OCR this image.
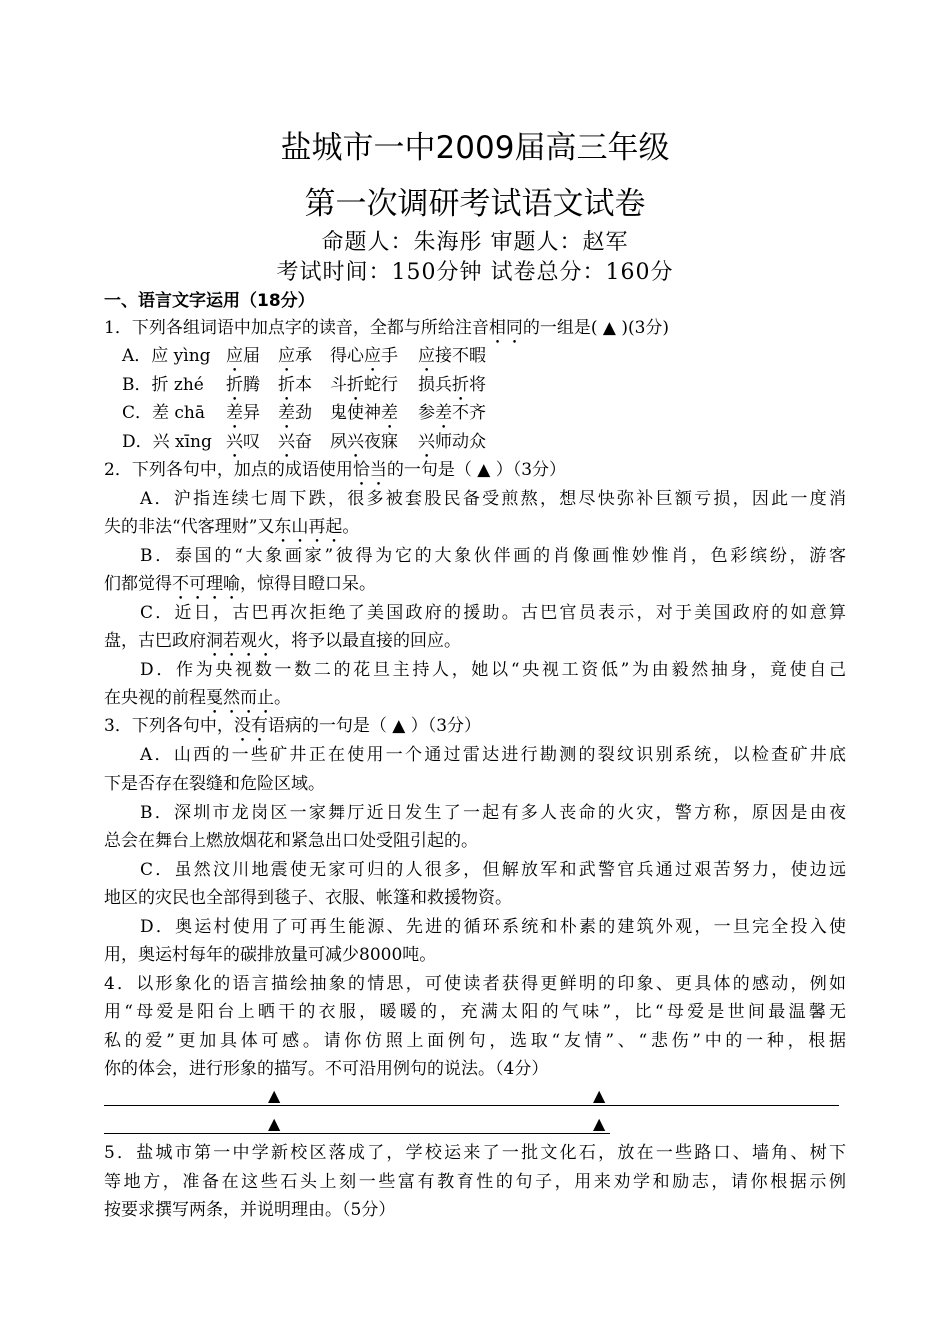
盐城市一中2009届高三年级
第一次调研考试语文试卷
命题人：朱海彤 审题人：赵军
考试时间：150分钟 试卷总分：160分
一、语言文字运用（18分）
1．下列各组词语中加点字的读音，全都与所给注音相同的一组是( ▲ )(3分)
A．应 yìng 应届 应承 得心应手 应接不暇
B．折 zhé 折腾 折本 斗折蛇行 损兵折将
C．差 chā 差异 差劲 鬼使神差 参差不齐
D．兴 xīng 兴叹 兴奋 夙兴夜寐 兴师动众
2．下列各句中，加点的成语使用恰当的一句是（ ▲ ）（3分）
A．沪指连续七周下跌，很多被套股民备受煎熬，想尽快弥补巨额亏损，因此一度消
失的非法“代客理财”又东山再起。
B．泰国的“大象画家”彼得为它的大象伙伴画的肖像画惟妙惟肖，色彩缤纷，游客
们都觉得不可理喻，惊得目瞪口呆。
C．近日，古巴再次拒绝了美国政府的援助。古巴官员表示，对于美国政府的如意算
盘，古巴政府洞若观火，将予以最直接的回应。
D．作为央视数一数二的花旦主持人，她以“央视工资低”为由毅然抽身，竟使自己
在央视的前程戛然而止。
3．下列各句中，没有语病的一句是（ ▲ ）（3分）
A．山西的一些矿井正在使用一个通过雷达进行勘测的裂纹识别系统，以检查矿井底
下是否存在裂缝和危险区域。
B．深圳市龙岗区一家舞厅近日发生了一起有多人丧命的火灾，警方称，原因是由夜
总会在舞台上燃放烟花和紧急出口处受阻引起的。
C．虽然汶川地震使无家可归的人很多，但解放军和武警官兵通过艰苦努力，使边远
地区的灾民也全部得到毯子、衣服、帐篷和救援物资。
D．奥运村使用了可再生能源、先进的循环系统和朴素的建筑外观，一旦完全投入使
用，奥运村每年的碳排放量可减少8000吨。
4．以形象化的语言描绘抽象的情思，可使读者获得更鲜明的印象、更具体的感动，例如
用“母爱是阳台上晒干的衣服，暖暖的，充满太阳的气味”，比“母爱是世间最温馨无
私的爱”更加具体可感。请你仿照上面例句，选取“友情”、“悲伤”中的一种，根据
你的体会，进行形象的描写。不可沿用例句的说法。（4分）
▲	▲
▲	▲
5．盐城市第一中学新校区落成了，学校运来了一批文化石，放在一些路口、墙角、树下
等地方，准备在这些石头上刻一些富有教育性的句子，用来劝学和励志，请你根据示例
按要求撰写两条，并说明理由。（5分）
